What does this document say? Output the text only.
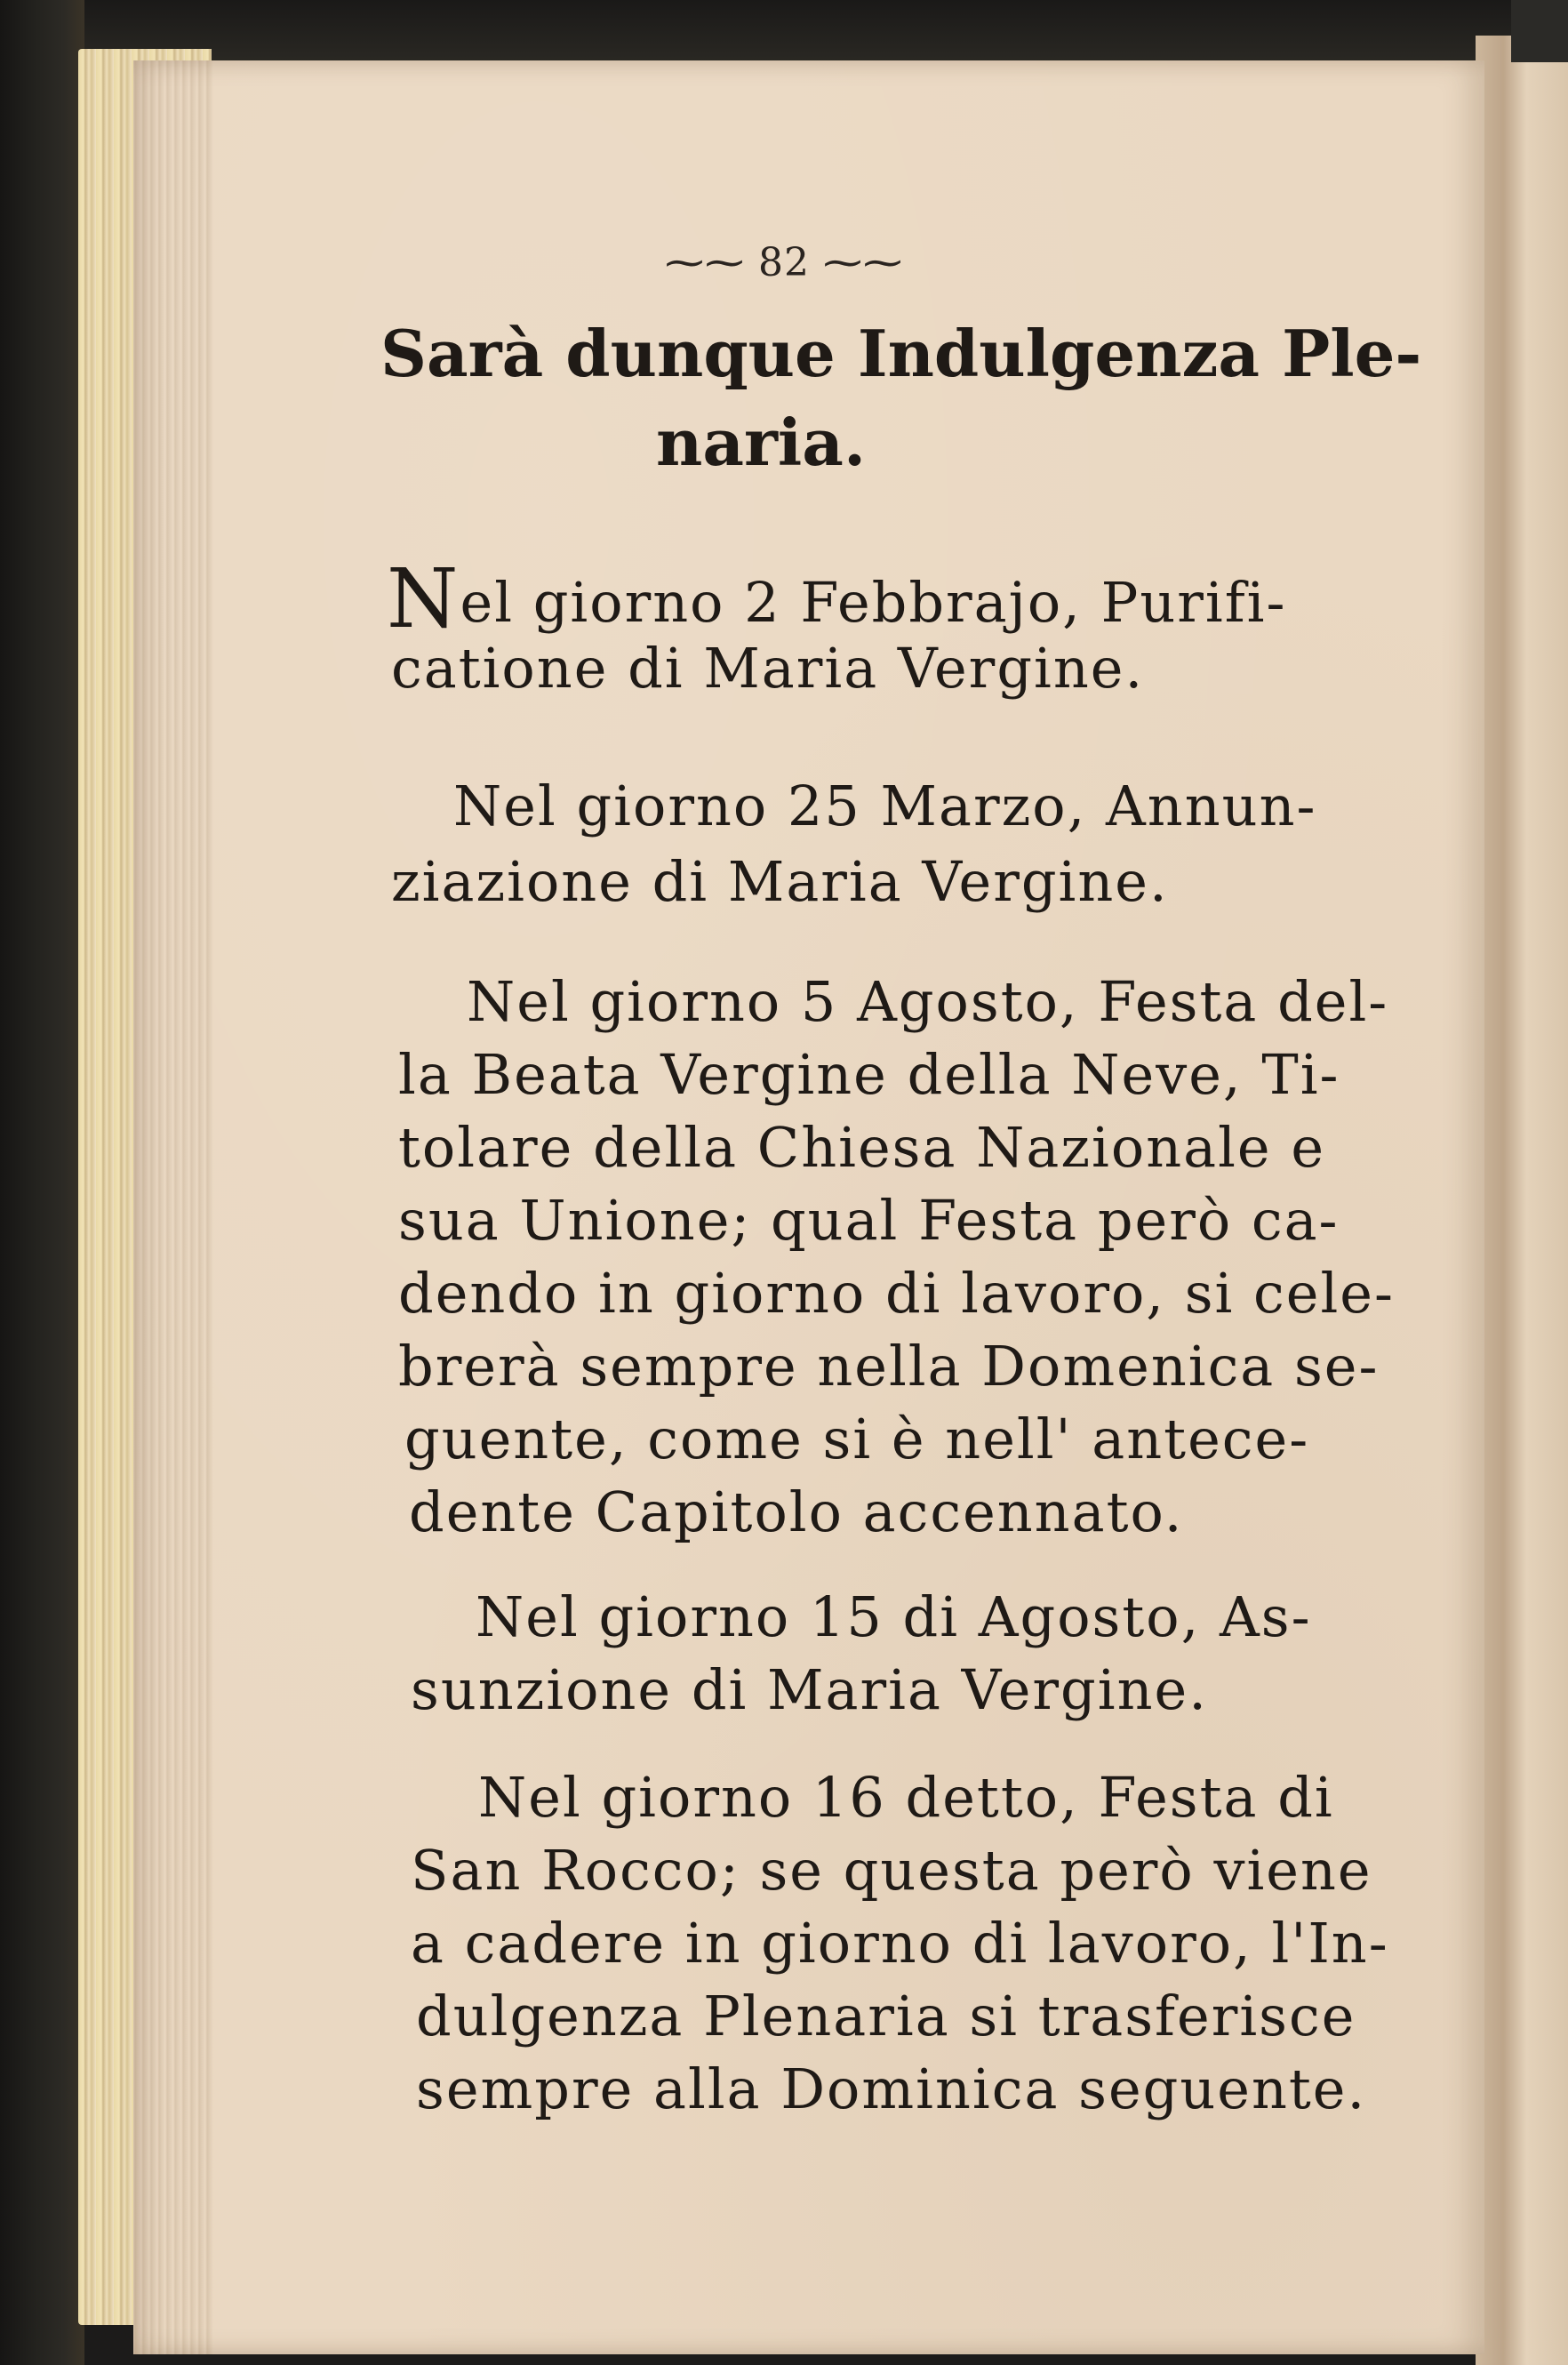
⁓⁓ 82 ⁓⁓
Sarà dunque Indulgenza Ple-
naria.
Nel giorno 2 Febbrajo, Purifi-
catione di Maria Vergine.
Nel giorno 25 Marzo, Annun-
ziazione di Maria Vergine.
Nel giorno 5 Agosto, Festa del-
la Beata Vergine della Neve, Ti-
tolare della Chiesa Nazionale e
sua Unione; qual Festa però ca-
dendo in giorno di lavoro, si cele-
brerà sempre nella Domenica se-
guente, come si è nell' antece-
dente Capitolo accennato.
Nel giorno 15 di Agosto, As-
sunzione di Maria Vergine.
Nel giorno 16 detto, Festa di
San Rocco; se questa però viene
a cadere in giorno di lavoro, l'In-
dulgenza Plenaria si trasferisce
sempre alla Dominica seguente.
